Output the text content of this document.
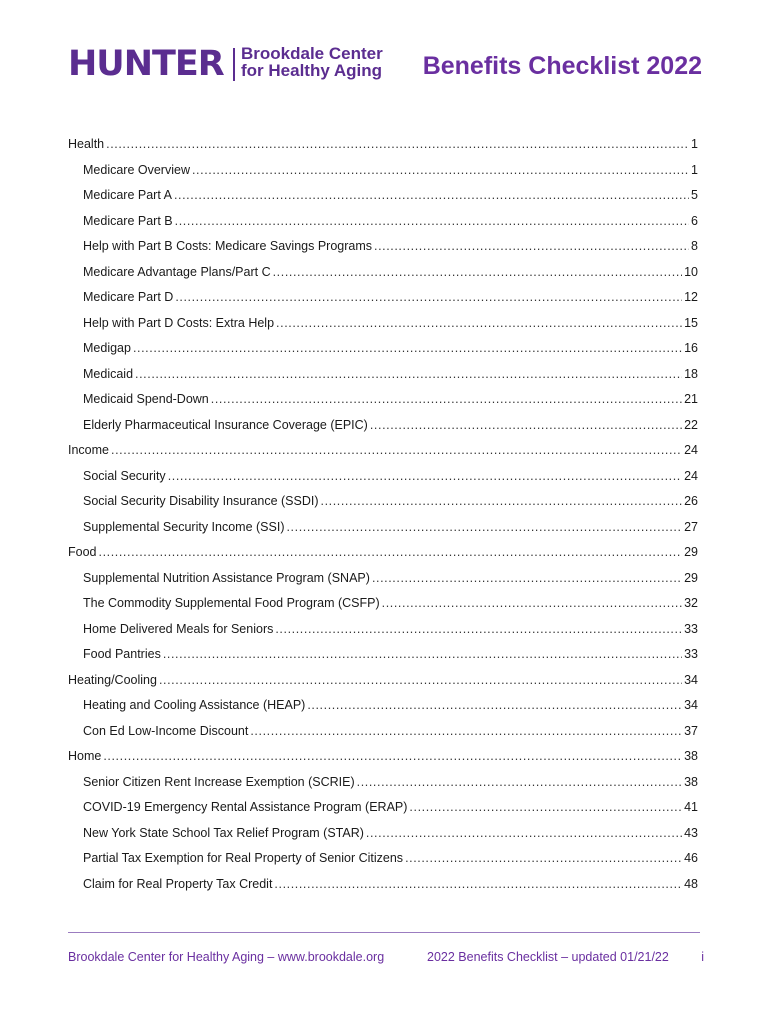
HUNTER Brookdale Center
for Healthy Aging Benefits Checklist 2022
Health .....	1
Medicare Overview .....	1
Medicare Part A .....	5
Medicare Part B .....	6
Help with Part B Costs: Medicare Savings Programs .....	8
Medicare Advantage Plans/Part C .....	10
Medicare Part D .....	12
Help with Part D Costs: Extra Help .....	15
Medigap .....	16
Medicaid .....	18
Medicaid Spend-Down .....	21
Elderly Pharmaceutical Insurance Coverage (EPIC) .....	22
Income .....	24
Social Security .....	24
Social Security Disability Insurance (SSDI) .....	26
Supplemental Security Income (SSI) .....	27
Food .....	29
Supplemental Nutrition Assistance Program (SNAP) .....	29
The Commodity Supplemental Food Program (CSFP) .....	32
Home Delivered Meals for Seniors .....	33
Food Pantries .....	33
Heating/Cooling .....	34
Heating and Cooling Assistance (HEAP) .....	34
Con Ed Low-Income Discount .....	37
Home .....	38
Senior Citizen Rent Increase Exemption (SCRIE) .....	38
COVID-19 Emergency Rental Assistance Program (ERAP) .....	41
New York State School Tax Relief Program (STAR) .....	43
Partial Tax Exemption for Real Property of Senior Citizens .....	46
Claim for Real Property Tax Credit .....	48
Brookdale Center for Healthy Aging – www.brookdale.org	2022 Benefits Checklist – updated 01/21/22	i
